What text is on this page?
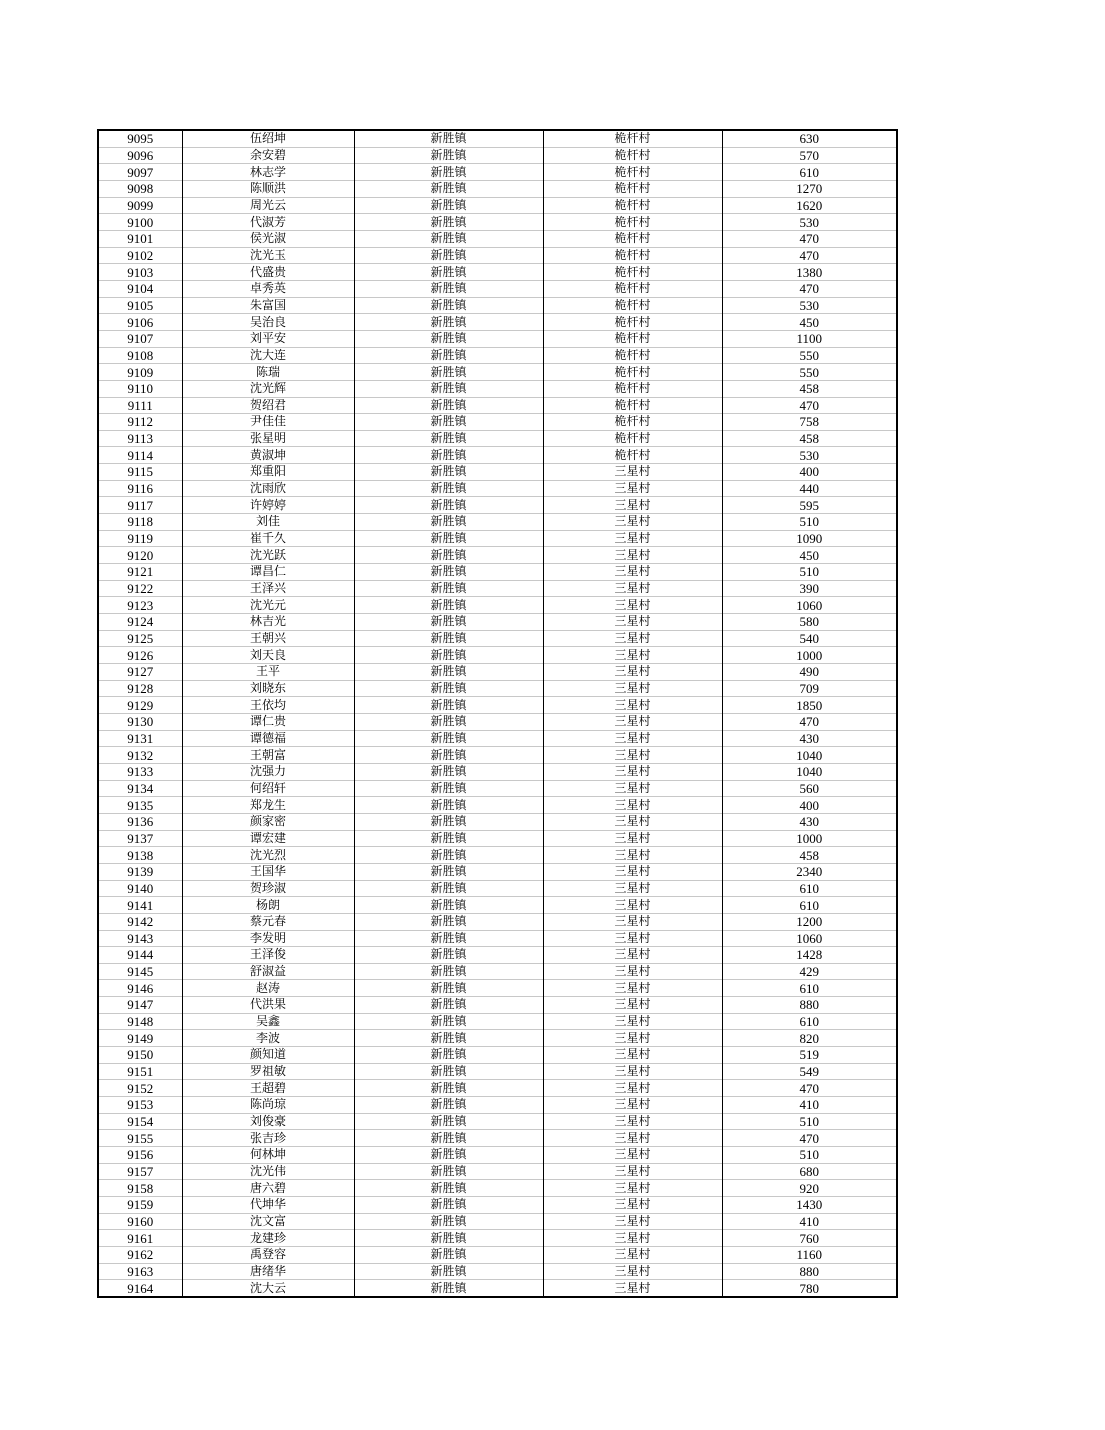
9095	伍绍坤	新胜镇	桅杆村	630
9096	余安碧	新胜镇	桅杆村	570
9097	林志学	新胜镇	桅杆村	610
9098	陈顺洪	新胜镇	桅杆村	1270
9099	周光云	新胜镇	桅杆村	1620
9100	代淑芳	新胜镇	桅杆村	530
9101	侯光淑	新胜镇	桅杆村	470
9102	沈光玉	新胜镇	桅杆村	470
9103	代盛贵	新胜镇	桅杆村	1380
9104	卓秀英	新胜镇	桅杆村	470
9105	朱富国	新胜镇	桅杆村	530
9106	吴治良	新胜镇	桅杆村	450
9107	刘平安	新胜镇	桅杆村	1100
9108	沈大连	新胜镇	桅杆村	550
9109	陈瑞	新胜镇	桅杆村	550
9110	沈光辉	新胜镇	桅杆村	458
9111	贺绍君	新胜镇	桅杆村	470
9112	尹佳佳	新胜镇	桅杆村	758
9113	张星明	新胜镇	桅杆村	458
9114	黄淑坤	新胜镇	桅杆村	530
9115	郑重阳	新胜镇	三星村	400
9116	沈雨欣	新胜镇	三星村	440
9117	许婷婷	新胜镇	三星村	595
9118	刘佳	新胜镇	三星村	510
9119	崔千久	新胜镇	三星村	1090
9120	沈光跃	新胜镇	三星村	450
9121	谭昌仁	新胜镇	三星村	510
9122	王泽兴	新胜镇	三星村	390
9123	沈光元	新胜镇	三星村	1060
9124	林吉光	新胜镇	三星村	580
9125	王朝兴	新胜镇	三星村	540
9126	刘天良	新胜镇	三星村	1000
9127	王平	新胜镇	三星村	490
9128	刘晓东	新胜镇	三星村	709
9129	王依均	新胜镇	三星村	1850
9130	谭仁贵	新胜镇	三星村	470
9131	谭德福	新胜镇	三星村	430
9132	王朝富	新胜镇	三星村	1040
9133	沈强力	新胜镇	三星村	1040
9134	何绍轩	新胜镇	三星村	560
9135	郑龙生	新胜镇	三星村	400
9136	颜家密	新胜镇	三星村	430
9137	谭宏建	新胜镇	三星村	1000
9138	沈光烈	新胜镇	三星村	458
9139	王国华	新胜镇	三星村	2340
9140	贺珍淑	新胜镇	三星村	610
9141	杨朗	新胜镇	三星村	610
9142	蔡元春	新胜镇	三星村	1200
9143	李发明	新胜镇	三星村	1060
9144	王泽俊	新胜镇	三星村	1428
9145	舒淑益	新胜镇	三星村	429
9146	赵涛	新胜镇	三星村	610
9147	代洪果	新胜镇	三星村	880
9148	吴鑫	新胜镇	三星村	610
9149	李波	新胜镇	三星村	820
9150	颜知道	新胜镇	三星村	519
9151	罗祖敏	新胜镇	三星村	549
9152	王超碧	新胜镇	三星村	470
9153	陈尚琼	新胜镇	三星村	410
9154	刘俊豪	新胜镇	三星村	510
9155	张吉珍	新胜镇	三星村	470
9156	何林坤	新胜镇	三星村	510
9157	沈光伟	新胜镇	三星村	680
9158	唐六碧	新胜镇	三星村	920
9159	代坤华	新胜镇	三星村	1430
9160	沈文富	新胜镇	三星村	410
9161	龙建珍	新胜镇	三星村	760
9162	禹登容	新胜镇	三星村	1160
9163	唐绪华	新胜镇	三星村	880
9164	沈大云	新胜镇	三星村	780
